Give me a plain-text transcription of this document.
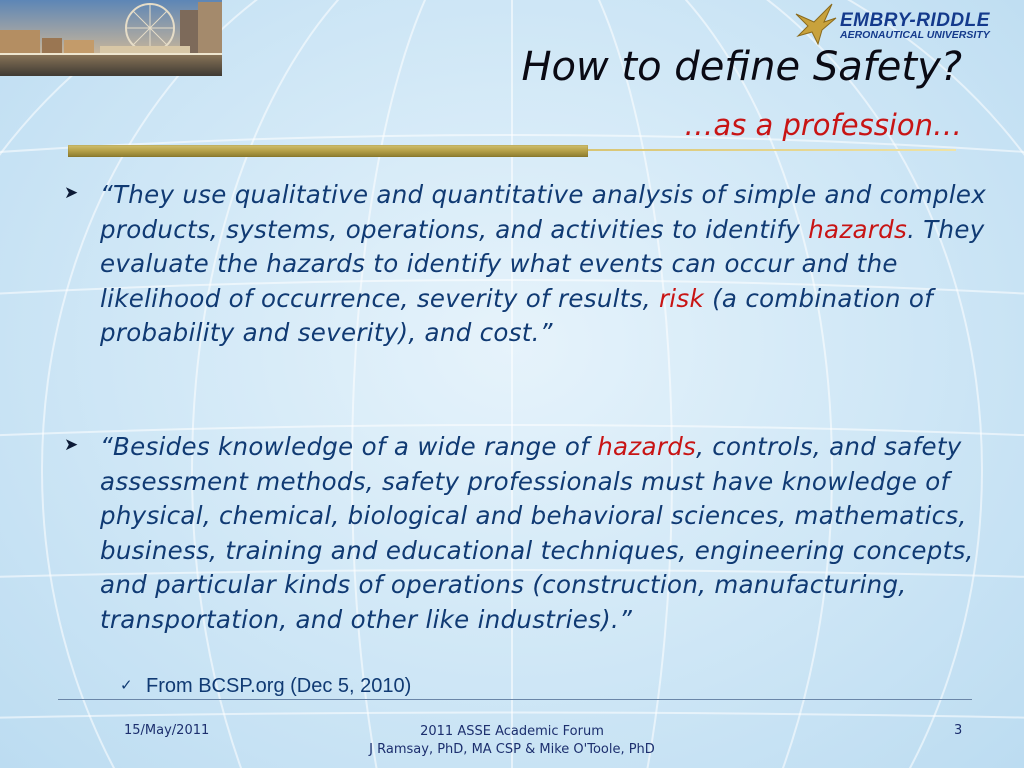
EMBRY-RIDDLE
AERONAUTICAL UNIVERSITY
How to define Safety?
…as a profession…
➤ “They use qualitative and quantitative analysis of simple and complex products, systems, operations, and activities to identify hazards. They evaluate the hazards to identify what events can occur and the likelihood of occurrence, severity of results, risk (a combination of probability and severity), and cost.”
➤ “Besides knowledge of a wide range of hazards, controls, and safety assessment methods, safety professionals must have knowledge of physical, chemical, biological and behavioral sciences, mathematics, business, training and educational techniques, engineering concepts, and particular kinds of operations (construction, manufacturing, transportation, and other like industries).”
✓ From BCSP.org (Dec 5, 2010)
15/May/2011	2011 ASSE Academic Forum
J Ramsay, PhD, MA CSP & Mike O'Toole, PhD
3
